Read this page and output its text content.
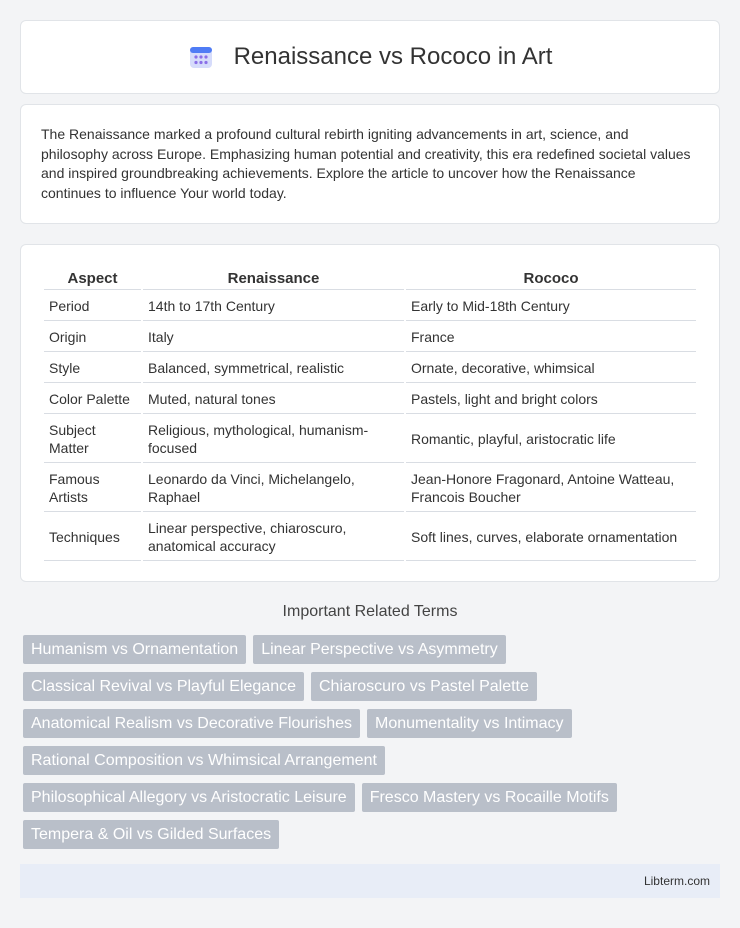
Renaissance vs Rococo in Art

The Renaissance marked a profound cultural rebirth igniting advancements in art, science, and philosophy across Europe. Emphasizing human potential and creativity, this era redefined societal values and inspired groundbreaking achievements. Explore the article to uncover how the Renaissance continues to influence Your world today.

Aspect	Renaissance	Rococo
Period	14th to 17th Century	Early to Mid-18th Century
Origin	Italy	France
Style	Balanced, symmetrical, realistic	Ornate, decorative, whimsical
Color Palette	Muted, natural tones	Pastels, light and bright colors
Subject Matter	Religious, mythological, humanism-focused	Romantic, playful, aristocratic life
Famous Artists	Leonardo da Vinci, Michelangelo, Raphael	Jean-Honore Fragonard, Antoine Watteau, Francois Boucher
Techniques	Linear perspective, chiaroscuro, anatomical accuracy	Soft lines, curves, elaborate ornamentation
Important Related Terms
Humanism vs Ornamentation	Linear Perspective vs Asymmetry
Classical Revival vs Playful Elegance	Chiaroscuro vs Pastel Palette
Anatomical Realism vs Decorative Flourishes	Monumentality vs Intimacy
Rational Composition vs Whimsical Arrangement
Philosophical Allegory vs Aristocratic Leisure	Fresco Mastery vs Rocaille Motifs
Tempera & Oil vs Gilded Surfaces
Libterm.com
